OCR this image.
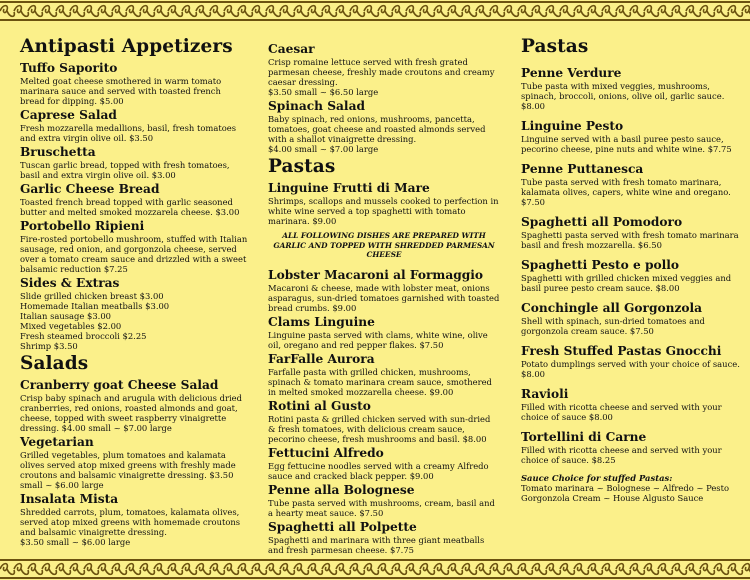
Antipasti Appetizers
Tuffo Saporito
Melted goat cheese smothered in warm tomato marinara sauce and served with toasted french bread for dipping. $5.00
Caprese Salad
Fresh mozzarella medallions, basil, fresh tomatoes and extra virgin olive oil. $3.50
Bruschetta
Tuscan garlic bread, topped with fresh tomatoes, basil and extra virgin olive oil. $3.00
Garlic Cheese Bread
Toasted french bread topped with garlic seasoned butter and melted smoked mozzarela cheese. $3.00
Portobello Ripieni
Fire-rosted portobello mushroom, stuffed with Italian sausage, red onion, and gorgonzola cheese, served over a tomato cream sauce and drizzled with a sweet balsamic reduction $7.25
Sides & Extras
Slide grilled chicken breast $3.00
Homemade Italian meatballs $3.00
Italian sausage $3.00
Mixed vegetables $2.00
Fresh steamed broccoli $2.25
Shrimp $3.50
Salads
Cranberry goat Cheese Salad
Crisp baby spinach and arugula with delicious dried cranberries, red onions, roasted almonds and goat, cheese, topped with sweet raspberry vinaigrette dressing. $4.00 small ~ $7.00 large
Vegetarian
Grilled vegetables, plum tomatoes and kalamata olives served atop mixed greens with freshly made croutons and balsamic vinaigrette dressing. $3.50 small ~ $6.00 large
Insalata Mista
Shredded carrots, plum, tomatoes, kalamata olives, served atop mixed greens with homemade croutons and balsamic vinaigrette dressing.
$3.50 small ~ $6.00 large
Caesar
Crisp romaine lettuce served with fresh grated parmesan cheese, freshly made croutons and creamy caesar dressing.
$3.50 small ~ $6.50 large
Spinach Salad
Baby spinach, red onions, mushrooms, pancetta, tomatoes, goat cheese and roasted almonds served with a shallot vinaigrette dressing.
$4.00 small ~ $7.00 large
Pastas
Linguine Frutti di Mare
Shrimps, scallops and mussels cooked to perfection in white wine served a top spaghetti with tomato marinara. $9.00
ALL FOLLOWING DISHES ARE PREPARED WITH GARLIC AND TOPPED WITH SHREDDED PARMESAN CHEESE
Lobster Macaroni al Formaggio
Macaroni & cheese, made with lobster meat, onions asparagus, sun-dried tomatoes garnished with toasted bread crumbs. $9.00
Clams Linguine
Linguine pasta served with clams, white wine, olive oil, oregano and red pepper flakes. $7.50
FarFalle Aurora
Farfalle pasta with grilled chicken, mushrooms, spinach & tomato marinara cream sauce, smothered in melted smoked mozzarella cheese. $9.00
Rotini al Gusto
Rotini pasta & grilled chicken served with sun-dried & fresh tomatoes, with delicious cream sauce, pecorino cheese, fresh mushrooms and basil. $8.00
Fettucini Alfredo
Egg fettucine noodles served with a creamy Alfredo sauce and cracked black pepper. $9.00
Penne alla Bolognese
Tube pasta served with mushrooms, cream, basil and a hearty meat sauce. $7.50
Spaghetti all Polpette
Spaghetti and marinara with three giant meatballs and fresh parmesan cheese. $7.75
Pastas
Penne Verdure
Tube pasta with mixed veggies, mushrooms, spinach, broccoli, onions, olive oil, garlic sauce. $8.00
Linguine Pesto
Linguine served with a basil puree pesto sauce, pecorino cheese, pine nuts and white wine. $7.75
Penne Puttanesca
Tube pasta served with fresh tomato marinara, kalamata olives, capers, white wine and oregano. $7.50
Spaghetti all Pomodoro
Spaghetti pasta served with fresh tomato marinara basil and fresh mozzarella. $6.50
Spaghetti Pesto e pollo
Spaghetti with grilled chicken mixed veggies and basil puree pesto cream sauce. $8.00
Conchingle all Gorgonzola
Shell with spinach, sun-dried tomatoes and gorgonzola cream sauce. $7.50
Fresh Stuffed Pastas Gnocchi
Potato dumplings served with your choice of sauce. $8.00
Ravioli
Filled with ricotta cheese and served with your choice of sauce $8.00
Tortellini di Carne
Filled with ricotta cheese and served with your choice of sauce. $8.25
Sauce Choice for stuffed Pastas:
Tomato marinara ~ Bolognese ~ Alfredo ~ Pesto
Gorgonzola Cream ~ House Algusto Sauce
